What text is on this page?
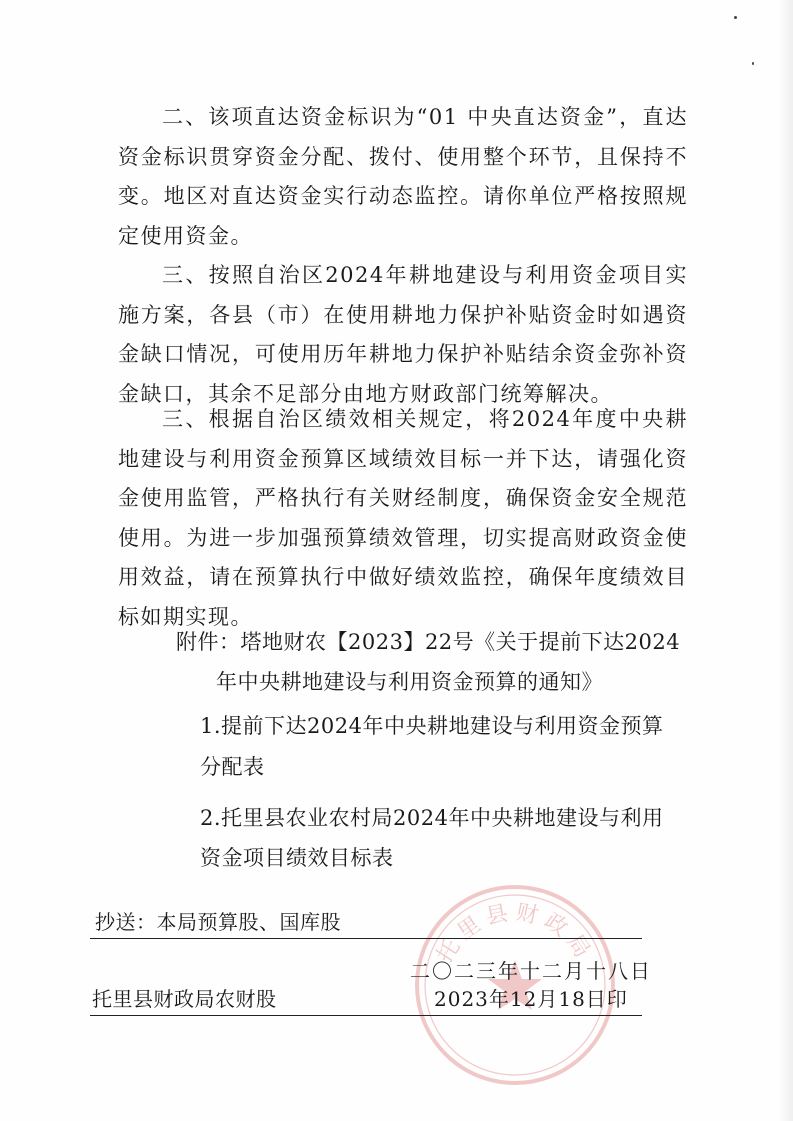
二、该项直达资金标识为“01 中央直达资金”，直达资金标识贯穿资金分配、拨付、使用整个环节，且保持不变。地区对直达资金实行动态监控。请你单位严格按照规定使用资金。

三、按照自治区2024年耕地建设与利用资金项目实施方案，各县（市）在使用耕地力保护补贴资金时如遇资金缺口情况，可使用历年耕地力保护补贴结余资金弥补资金缺口，其余不足部分由地方财政部门统筹解决。

三、根据自治区绩效相关规定，将2024年度中央耕地建设与利用资金预算区域绩效目标一并下达，请强化资金使用监管，严格执行有关财经制度，确保资金安全规范使用。为进一步加强预算绩效管理，切实提高财政资金使用效益，请在预算执行中做好绩效监控，确保年度绩效目标如期实现。

附件：塔地财农【2023】22号《关于提前下达2024

年中央耕地建设与利用资金预算的通知》

1.提前下达2024年中央耕地建设与利用资金预算

分配表

2.托里县农业农村局2024年中央耕地建设与利用

资金项目绩效目标表

托里县财政局
抄送：本局预算股、国库股
二〇二三年十二月十八日
托里县财政局农财股	2023年12月18日印
